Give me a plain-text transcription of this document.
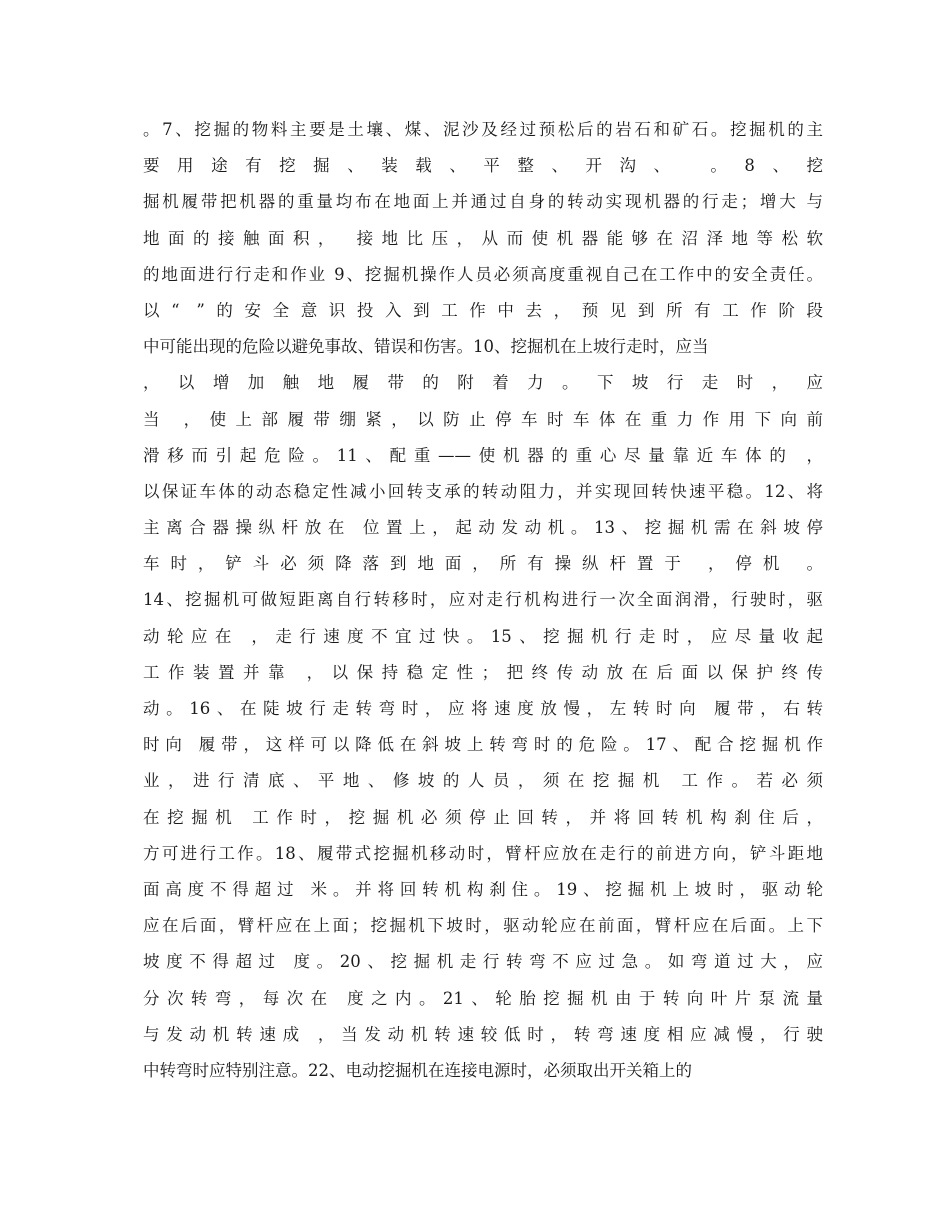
。7、挖掘的物料主要是土壤、煤、泥沙及经过预松后的岩石和矿石。挖掘机的主
要用途有挖掘、装载、平整、开沟、 。8、挖
掘机履带把机器的重量均布在地面上并通过自身的转动实现机器的行走；增大 与
地面的接触面积， 接地比压，从而使机器能够在沼泽地等松软
的地面进行行走和作业 9、挖掘机操作人员必须高度重视自己在工作中的安全责任。
以“ ”的安全意识投入到工作中去，预见到所有工作阶段
中可能出现的危险以避免事故、错误和伤害。10、挖掘机在上坡行走时，应当
，以增加触地履带的附着力。下坡行走时，应
当 ，使上部履带绷紧，以防止停车时车体在重力作用下向前
滑移而引起危险。11、配重——使机器的重心尽量靠近车体的 ，
以保证车体的动态稳定性减小回转支承的转动阻力，并实现回转快速平稳。12、将
主离合器操纵杆放在 位置上，起动发动机。13、挖掘机需在斜坡停
车时，铲斗必须降落到地面，所有操纵杆置于 ，停机 。
14、挖掘机可做短距离自行转移时，应对走行机构进行一次全面润滑，行驶时，驱
动轮应在 ，走行速度不宜过快。15、挖掘机行走时，应尽量收起
工作装置并靠 ，以保持稳定性；把终传动放在后面以保护终传
动。16、在陡坡行走转弯时，应将速度放慢，左转时向 履带，右转
时向 履带，这样可以降低在斜坡上转弯时的危险。17、配合挖掘机作
业，进行清底、平地、修坡的人员，须在挖掘机 工作。若必须
在挖掘机 工作时，挖掘机必须停止回转，并将回转机构刹住后，
方可进行工作。18、履带式挖掘机移动时，臂杆应放在走行的前进方向，铲斗距地
面高度不得超过 米。并将回转机构刹住。19、挖掘机上坡时，驱动轮
应在后面，臂杆应在上面；挖掘机下坡时，驱动轮应在前面，臂杆应在后面。上下
坡度不得超过 度。20、挖掘机走行转弯不应过急。如弯道过大，应
分次转弯，每次在 度之内。21、轮胎挖掘机由于转向叶片泵流量
与发动机转速成 ，当发动机转速较低时，转弯速度相应减慢，行驶
中转弯时应特别注意。22、电动挖掘机在连接电源时，必须取出开关箱上的
